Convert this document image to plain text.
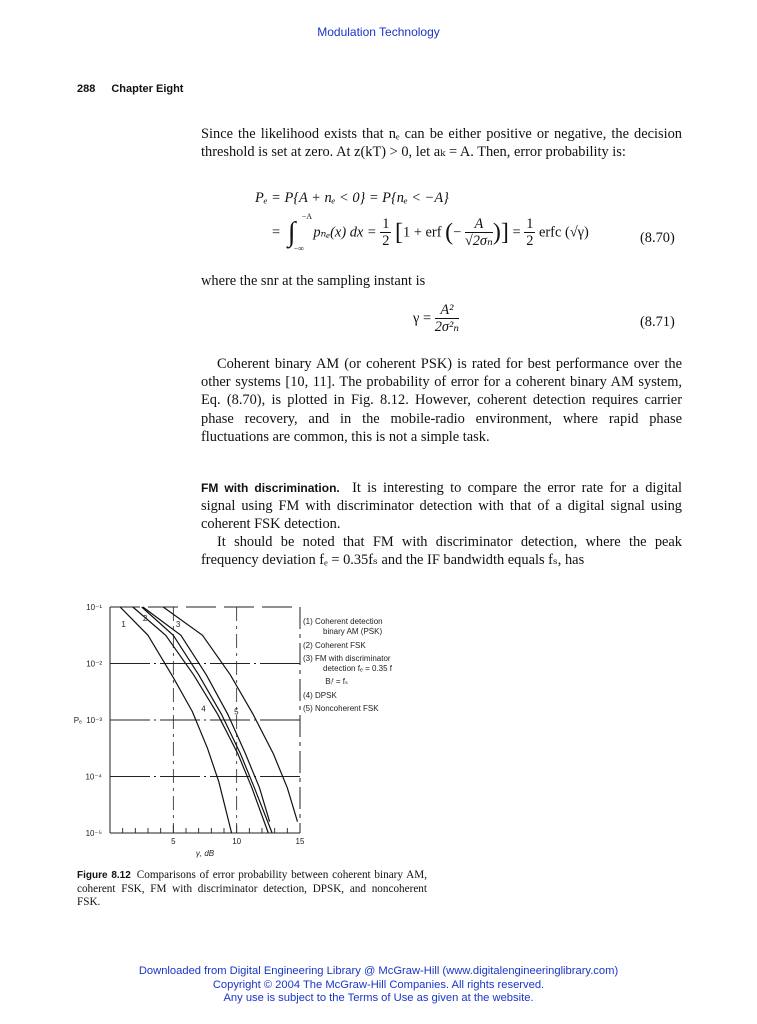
Modulation Technology
288 Chapter Eight
Since the likelihood exists that nₑ can be either positive or negative, the decision threshold is set at zero. At z(kT) > 0, let aₖ = A. Then, error probability is:
Pₑ = P{A + nₑ < 0} = P{nₑ < −A}
= ∫
−A
−∞
pₙₑ(x) dx = $\frac{1}{2} [1$ + erf (− $\frac{A}{\text{√2σₙ}}$ )] = $\frac{1}{2}$ erfc (√γ)	(8.70)
where the snr at the sampling instant is
$\gamma = \frac{\text{A²}}{\text{2σ²ₙ}}$	(8.71)
Coherent binary AM (or coherent PSK) is rated for best performance over the other systems [10, 11]. The probability of error for a coherent binary AM system, Eq. (8.70), is plotted in Fig. 8.12. However, coherent detection requires carrier phase recovery, and in the mobile-radio environment, where rapid phase fluctuations are common, this is not a simple task.
FM with discrimination. It is interesting to compare the error rate for a digital signal using FM with discriminator detection with that of a digital signal using coherent FSK detection.
It should be noted that FM with discriminator detection, where the peak frequency deviation fₑ = 0.35fₛ and the IF bandwidth equals fₛ, has
10⁻¹
10⁻²
10⁻³
10⁻⁴
10⁻⁵
5	10	15
γ, dB
Pₑ
1
2
3
4	5
(1) Coherent detection binary AM (PSK)
(2) Coherent FSK
(3) FM with discriminator detection fₑ = 0.35 f Bᵢᶠ = fₛ
(4) DPSK
(5) Noncoherent FSK
Figure 8.12 Comparisons of error probability between coherent binary AM, coherent FSK, FM with discriminator detection, DPSK, and noncoherent FSK.
Downloaded from Digital Engineering Library @ McGraw-Hill (www.digitalengineeringlibrary.com)
Copyright © 2004 The McGraw-Hill Companies. All rights reserved.
Any use is subject to the Terms of Use as given at the website.
